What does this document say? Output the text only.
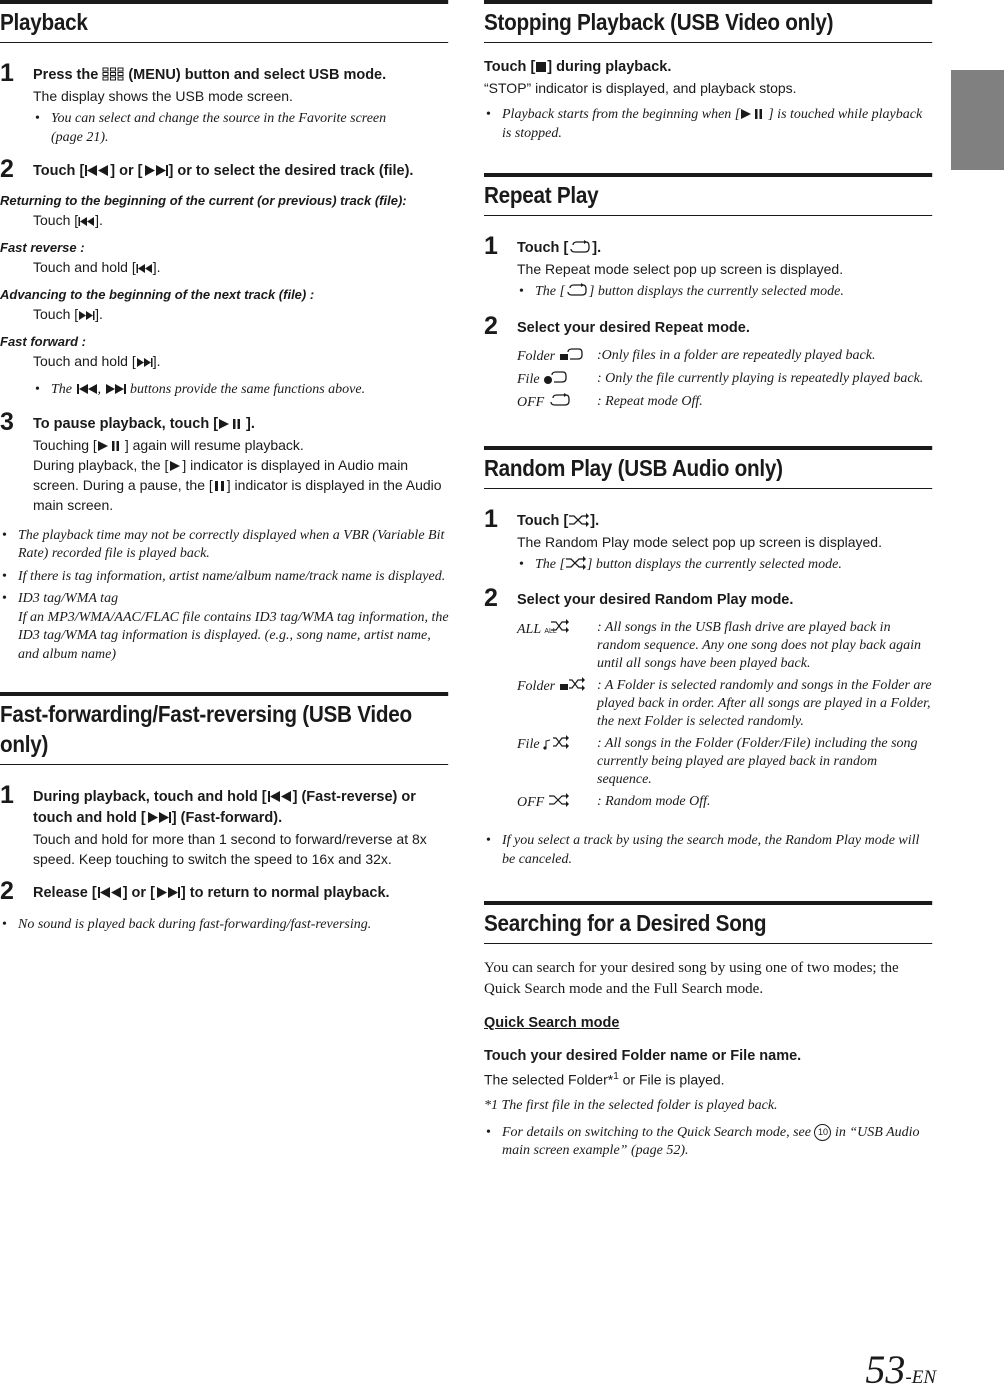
Playback
1 Press the  (MENU) button and select USB mode.
The display shows the USB mode screen.
• You can select and change the source in the Favorite screen
(page 21).
2 Touch [ ] or [ ] or to select the desired track (file).
Returning to the beginning of the current (or previous) track (file):
Touch [ ].
Fast reverse :
Touch and hold [ ].
Advancing to the beginning of the next track (file) :
Touch [ ].
Fast forward :
Touch and hold [ ].
• The ,  buttons provide the same functions above.
3 To pause playback, touch [ ].
Touching [ ] again will resume playback.
During playback, the [ ] indicator is displayed in Audio main screen. During a pause, the [ ] indicator is displayed in the Audio main screen.
• The playback time may not be correctly displayed when a VBR (Variable Bit Rate) recorded file is played back.
• If there is tag information, artist name/album name/track name is displayed.
• ID3 tag/WMA tag
If an MP3/WMA/AAC/FLAC file contains ID3 tag/WMA tag information, the ID3 tag/WMA tag information is displayed. (e.g., song name, artist name, and album name)
Fast-forwarding/Fast-reversing (USB Video only)
1 During playback, touch and hold [ ] (Fast-reverse) or touch and hold [ ] (Fast-forward).
Touch and hold for more than 1 second to forward/reverse at 8x speed. Keep touching to switch the speed to 16x and 32x.
2 Release [ ] or [ ] to return to normal playback.
• No sound is played back during fast-forwarding/fast-reversing.
Stopping Playback (USB Video only)
Touch [ ] during playback.
“STOP” indicator is displayed, and playback stops.
• Playback starts from the beginning when [ ] is touched while playback is stopped.
Repeat Play
1 Touch [ ].
The Repeat mode select pop up screen is displayed.
• The [ ] button displays the currently selected mode.
2 Select your desired Repeat mode.
Folder	:Only files in a folder are repeatedly played back.
File	: Only the file currently playing is repeatedly played back.
OFF	: Repeat mode Off.
Random Play (USB Audio only)
1 Touch [ ].
The Random Play mode select pop up screen is displayed.
• The [ ] button displays the currently selected mode.
2 Select your desired Random Play mode.
ALL ALL	: All songs in the USB flash drive are played back in random sequence. Any one song does not play back again until all songs have been played back.
Folder	: A Folder is selected randomly and songs in the Folder are played back in order. After all songs are played in a Folder, the next Folder is selected randomly.
File	: All songs in the Folder (Folder/File) including the song currently being played are played back in random sequence.
OFF	: Random mode Off.
• If you select a track by using the search mode, the Random Play mode will be canceled.
Searching for a Desired Song
You can search for your desired song by using one of two modes; the Quick Search mode and the Full Search mode.
Quick Search mode
Touch your desired Folder name or File name.
The selected Folder*$^1$ or File is played.
*1 The first file in the selected folder is played back.
• For details on switching to the Quick Search mode, see 10 in “USB Audio main screen example” (page 52).
53-EN
